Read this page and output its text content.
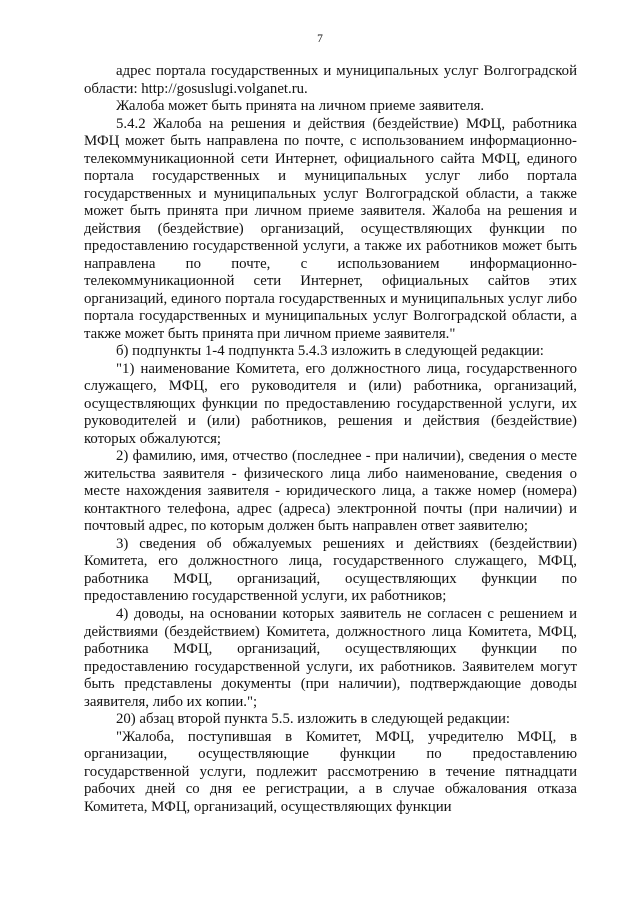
7

адрес портала государственных и муниципальных услуг Волгоградской области: http://gosuslugi.volganet.ru.

Жалоба может быть принята на личном приеме заявителя.

5.4.2 Жалоба на решения и действия (бездействие) МФЦ, работника МФЦ может быть направлена по почте, с использованием информационно-телекоммуникационной сети Интернет, официального сайта МФЦ, единого портала государственных и муниципальных услуг либо портала государственных и муниципальных услуг Волгоградской области, а также может быть принята при личном приеме заявителя. Жалоба на решения и действия (бездействие) организаций, осуществляющих функции по предоставлению государственной услуги, а также их работников может быть направлена по почте, с использованием информационно-телекоммуникационной сети Интернет, официальных сайтов этих организаций, единого портала государственных и муниципальных услуг либо портала государственных и муниципальных услуг Волгоградской области, а также может быть принята при личном приеме заявителя."

б) подпункты 1-4 подпункта 5.4.3 изложить в следующей редакции:

"1) наименование Комитета, его должностного лица, государственного служащего, МФЦ, его руководителя и (или) работника, организаций, осуществляющих функции по предоставлению государственной услуги, их руководителей и (или) работников, решения и действия (бездействие) которых обжалуются;

2) фамилию, имя, отчество (последнее - при наличии), сведения о месте жительства заявителя - физического лица либо наименование, сведения о месте нахождения заявителя - юридического лица, а также номер (номера) контактного телефона, адрес (адреса) электронной почты (при наличии) и почтовый адрес, по которым должен быть направлен ответ заявителю;

3) сведения об обжалуемых решениях и действиях (бездействии) Комитета, его должностного лица, государственного служащего, МФЦ, работника МФЦ, организаций, осуществляющих функции по предоставлению государственной услуги, их работников;

4) доводы, на основании которых заявитель не согласен с решением и действиями (бездействием) Комитета, должностного лица Комитета, МФЦ, работника МФЦ, организаций, осуществляющих функции по предоставлению государственной услуги, их работников. Заявителем могут быть представлены документы (при наличии), подтверждающие доводы заявителя, либо их копии.";

20) абзац второй пункта 5.5. изложить в следующей редакции:

"Жалоба, поступившая в Комитет, МФЦ, учредителю МФЦ, в организации, осуществляющие функции по предоставлению государственной услуги, подлежит рассмотрению в течение пятнадцати рабочих дней со дня ее регистрации, а в случае обжалования отказа Комитета, МФЦ, организаций, осуществляющих функции
